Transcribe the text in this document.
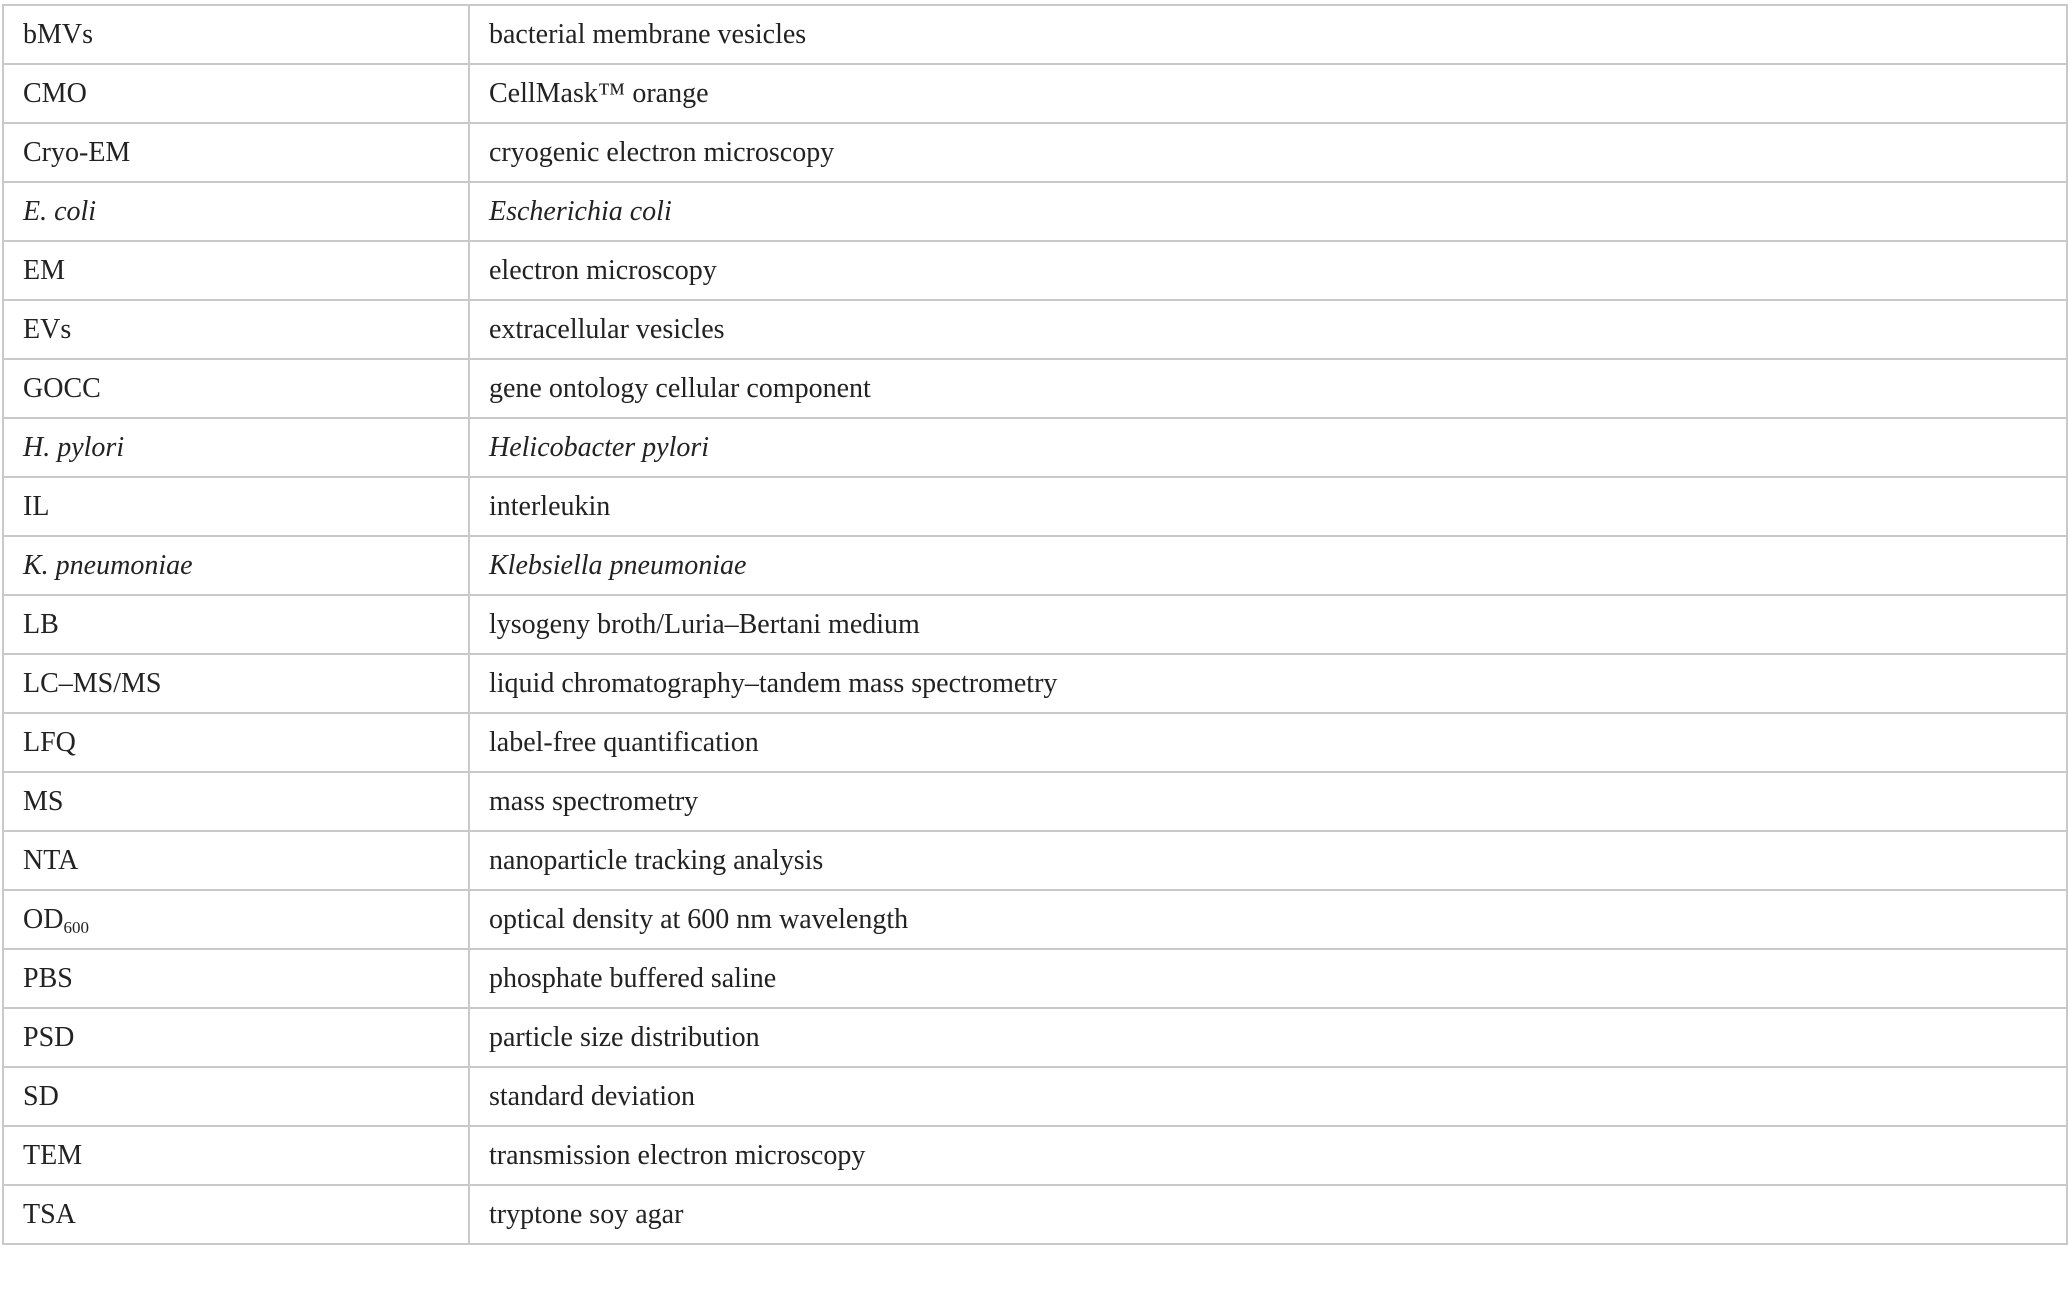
bMVs	bacterial membrane vesicles
CMO	CellMask™ orange
Cryo-EM	cryogenic electron microscopy
E. coli	Escherichia coli
EM	electron microscopy
EVs	extracellular vesicles
GOCC	gene ontology cellular component
H. pylori	Helicobacter pylori
IL	interleukin
K. pneumoniae	Klebsiella pneumoniae
LB	lysogeny broth/Luria–Bertani medium
LC–MS/MS	liquid chromatography–tandem mass spectrometry
LFQ	label-free quantification
MS	mass spectrometry
NTA	nanoparticle tracking analysis
$OD_{600}$	optical density at 600 nm wavelength
PBS	phosphate buffered saline
PSD	particle size distribution
SD	standard deviation
TEM	transmission electron microscopy
TSA	tryptone soy agar
